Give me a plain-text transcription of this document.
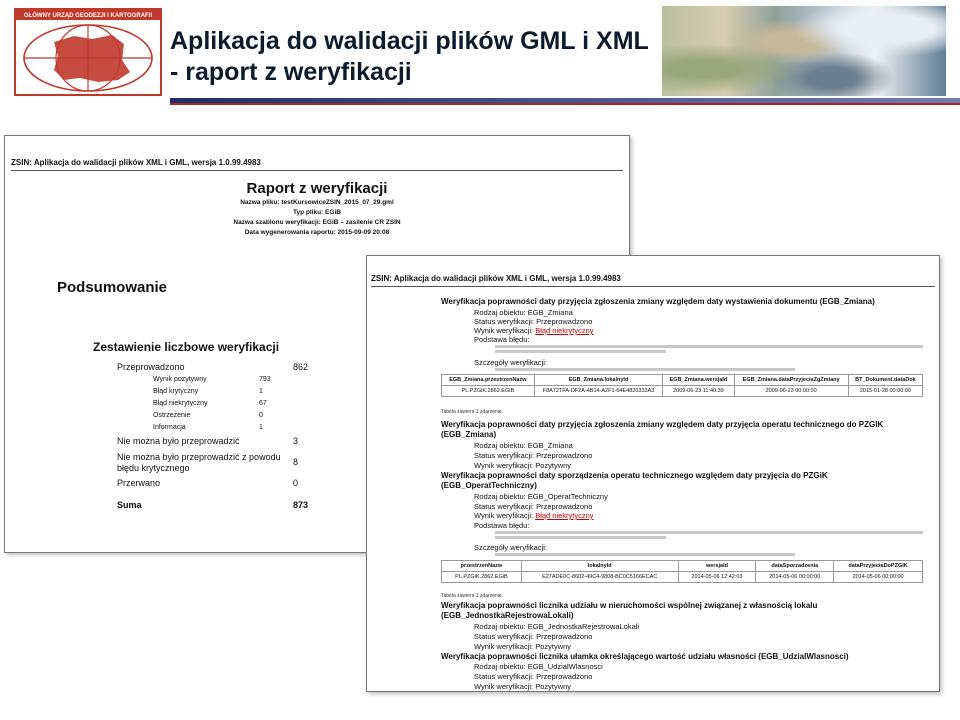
GŁÓWNY URZĄD GEODEZJI I KARTOGRAFII
Aplikacja do walidacji plików GML i XML
- raport z weryfikacji
ZSIN: Aplikacja do walidacji plików XML i GML, wersja 1.0.99.4983
Raport z weryfikacji
Nazwa pliku: testKursowiceZSIN_2015_07_29.gml
Typ pliku: EGiB
Nazwa szablonu weryfikacji: EGiB – zasilenie CR ZSIN
Data wygenerowania raportu: 2015-09-09 20:08
Podsumowanie
Zestawienie liczbowe weryfikacji
Przeprowadzono	862
Wynik pozytywny	793
Błąd krytyczny	1
Błąd niekrytyczny	67
Ostrzeżenie	0
Informacja	1
Nie można było przeprowadzić	3
Nie można było przeprowadzić z powodu błędu krytycznego
8
Przerwano	0
Suma	873
ZSIN: Aplikacja do walidacji plików XML i GML, wersja 1.0.99.4983
Weryfikacja poprawności daty przyjęcia zgłoszenia zmiany względem daty wystawienia dokumentu (EGB_Zmiana)
Rodzaj obiektu: EGB_Zmiana
Status weryfikacji: Przeprowadzono
Wynik weryfikacji: Błąd niekrytyczny
Podstawa błędu:
Szczegóły weryfikacji:
EGB_Zmiana.przestrzenNazw	EGB_Zmiana.lokalnyId	EGB_Zmiana.wersjaId	EGB_Zmiana.dataPrzyjeciaZgZmiany	BT_Dokument.dataDok
PL.PZGiK.2862.EGiB	F8A72TFA-DF2A-4B14-A2F1-64E4820333A3	2009-06-23 11:40:39	2009-06-23 00:00:00	2015-01-28 00:00:00
Tabela zawiera 1 zdarzenie.
Weryfikacja poprawności daty przyjęcia zgłoszenia zmiany względem daty przyjęcia operatu technicznego do PZGIK (EGB_Zmiana)
Rodzaj obiektu: EGB_Zmiana
Status weryfikacji: Przeprowadzono
Wynik weryfikacji: Pozytywny
Weryfikacja poprawności daty sporządzenia operatu technicznego względem daty przyjęcia do PZGiK (EGB_OperatTechniczny)
Rodzaj obiektu: EGB_OperatTechniczny
Status weryfikacji: Przeprowadzono
Wynik weryfikacji: Błąd niekrytyczny
Podstawa błędu:
Szczegóły weryfikacji:
przestrzenNazw	lokalnyId	wersjaId	dataSporzadzenia	dataPrzyjeciaDoPZGIK
PL.PZGiK.2862.EGiB	E27ADE0C-8602-49C4-9808-BC0C5166ECAC	2014-05-06 12:42:03	2014-05-06 00:00:00	2014-05-06 00:00:00
Tabela zawiera 1 zdarzenie.
Weryfikacja poprawności licznika udziału w nieruchomości wspólnej związanej z własnością lokalu (EGB_JednostkaRejestrowaLokali)
Rodzaj obiektu: EGB_JednostkaRejestrowaLokali
Status weryfikacji: Przeprowadzono
Wynik weryfikacji: Pozytywny
Weryfikacja poprawności licznika ułamka określającego wartość udziału własności (EGB_UdzialWlasnosci)
Rodzaj obiektu: EGB_UdzialWlasnosci
Status weryfikacji: Przeprowadzono
Wynik weryfikacji: Pozytywny
